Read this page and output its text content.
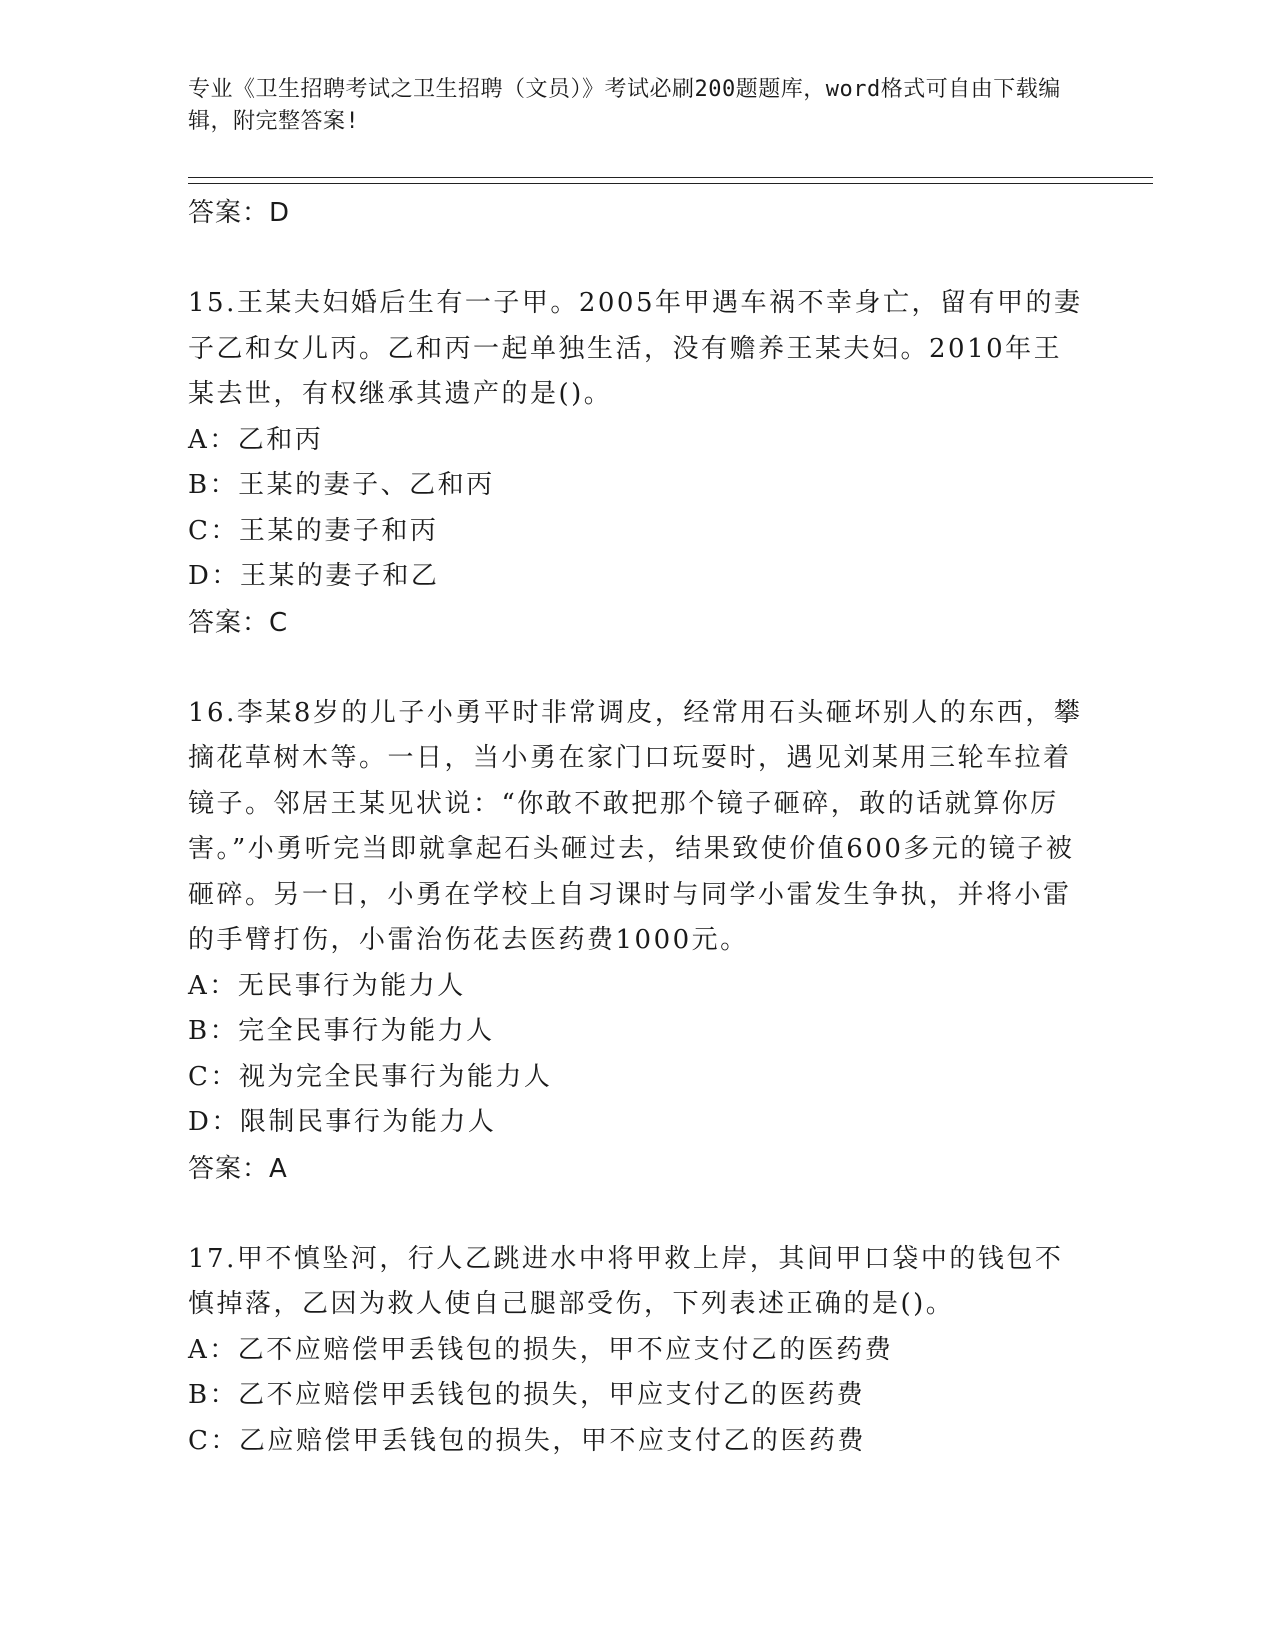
专业《卫生招聘考试之卫生招聘（文员）》考试必刷200题题库，word格式可自由下载编辑，附完整答案!

答案：D

15.王某夫妇婚后生有一子甲。2005年甲遇车祸不幸身亡，留有甲的妻子乙和女儿丙。乙和丙一起单独生活，没有赡养王某夫妇。2010年王某去世，有权继承其遗产的是()。

A：乙和丙

B：王某的妻子、乙和丙

C：王某的妻子和丙

D：王某的妻子和乙

答案：C

16.李某8岁的儿子小勇平时非常调皮，经常用石头砸坏别人的东西，攀摘花草树木等。一日，当小勇在家门口玩耍时，遇见刘某用三轮车拉着镜子。邻居王某见状说：“你敢不敢把那个镜子砸碎，敢的话就算你厉害。”小勇听完当即就拿起石头砸过去，结果致使价值600多元的镜子被砸碎。另一日，小勇在学校上自习课时与同学小雷发生争执，并将小雷的手臂打伤，小雷治伤花去医药费1000元。

A：无民事行为能力人

B：完全民事行为能力人

C：视为完全民事行为能力人

D：限制民事行为能力人

答案：A

17.甲不慎坠河，行人乙跳进水中将甲救上岸，其间甲口袋中的钱包不慎掉落，乙因为救人使自己腿部受伤，下列表述正确的是()。

A：乙不应赔偿甲丢钱包的损失，甲不应支付乙的医药费

B：乙不应赔偿甲丢钱包的损失，甲应支付乙的医药费

C：乙应赔偿甲丢钱包的损失，甲不应支付乙的医药费
